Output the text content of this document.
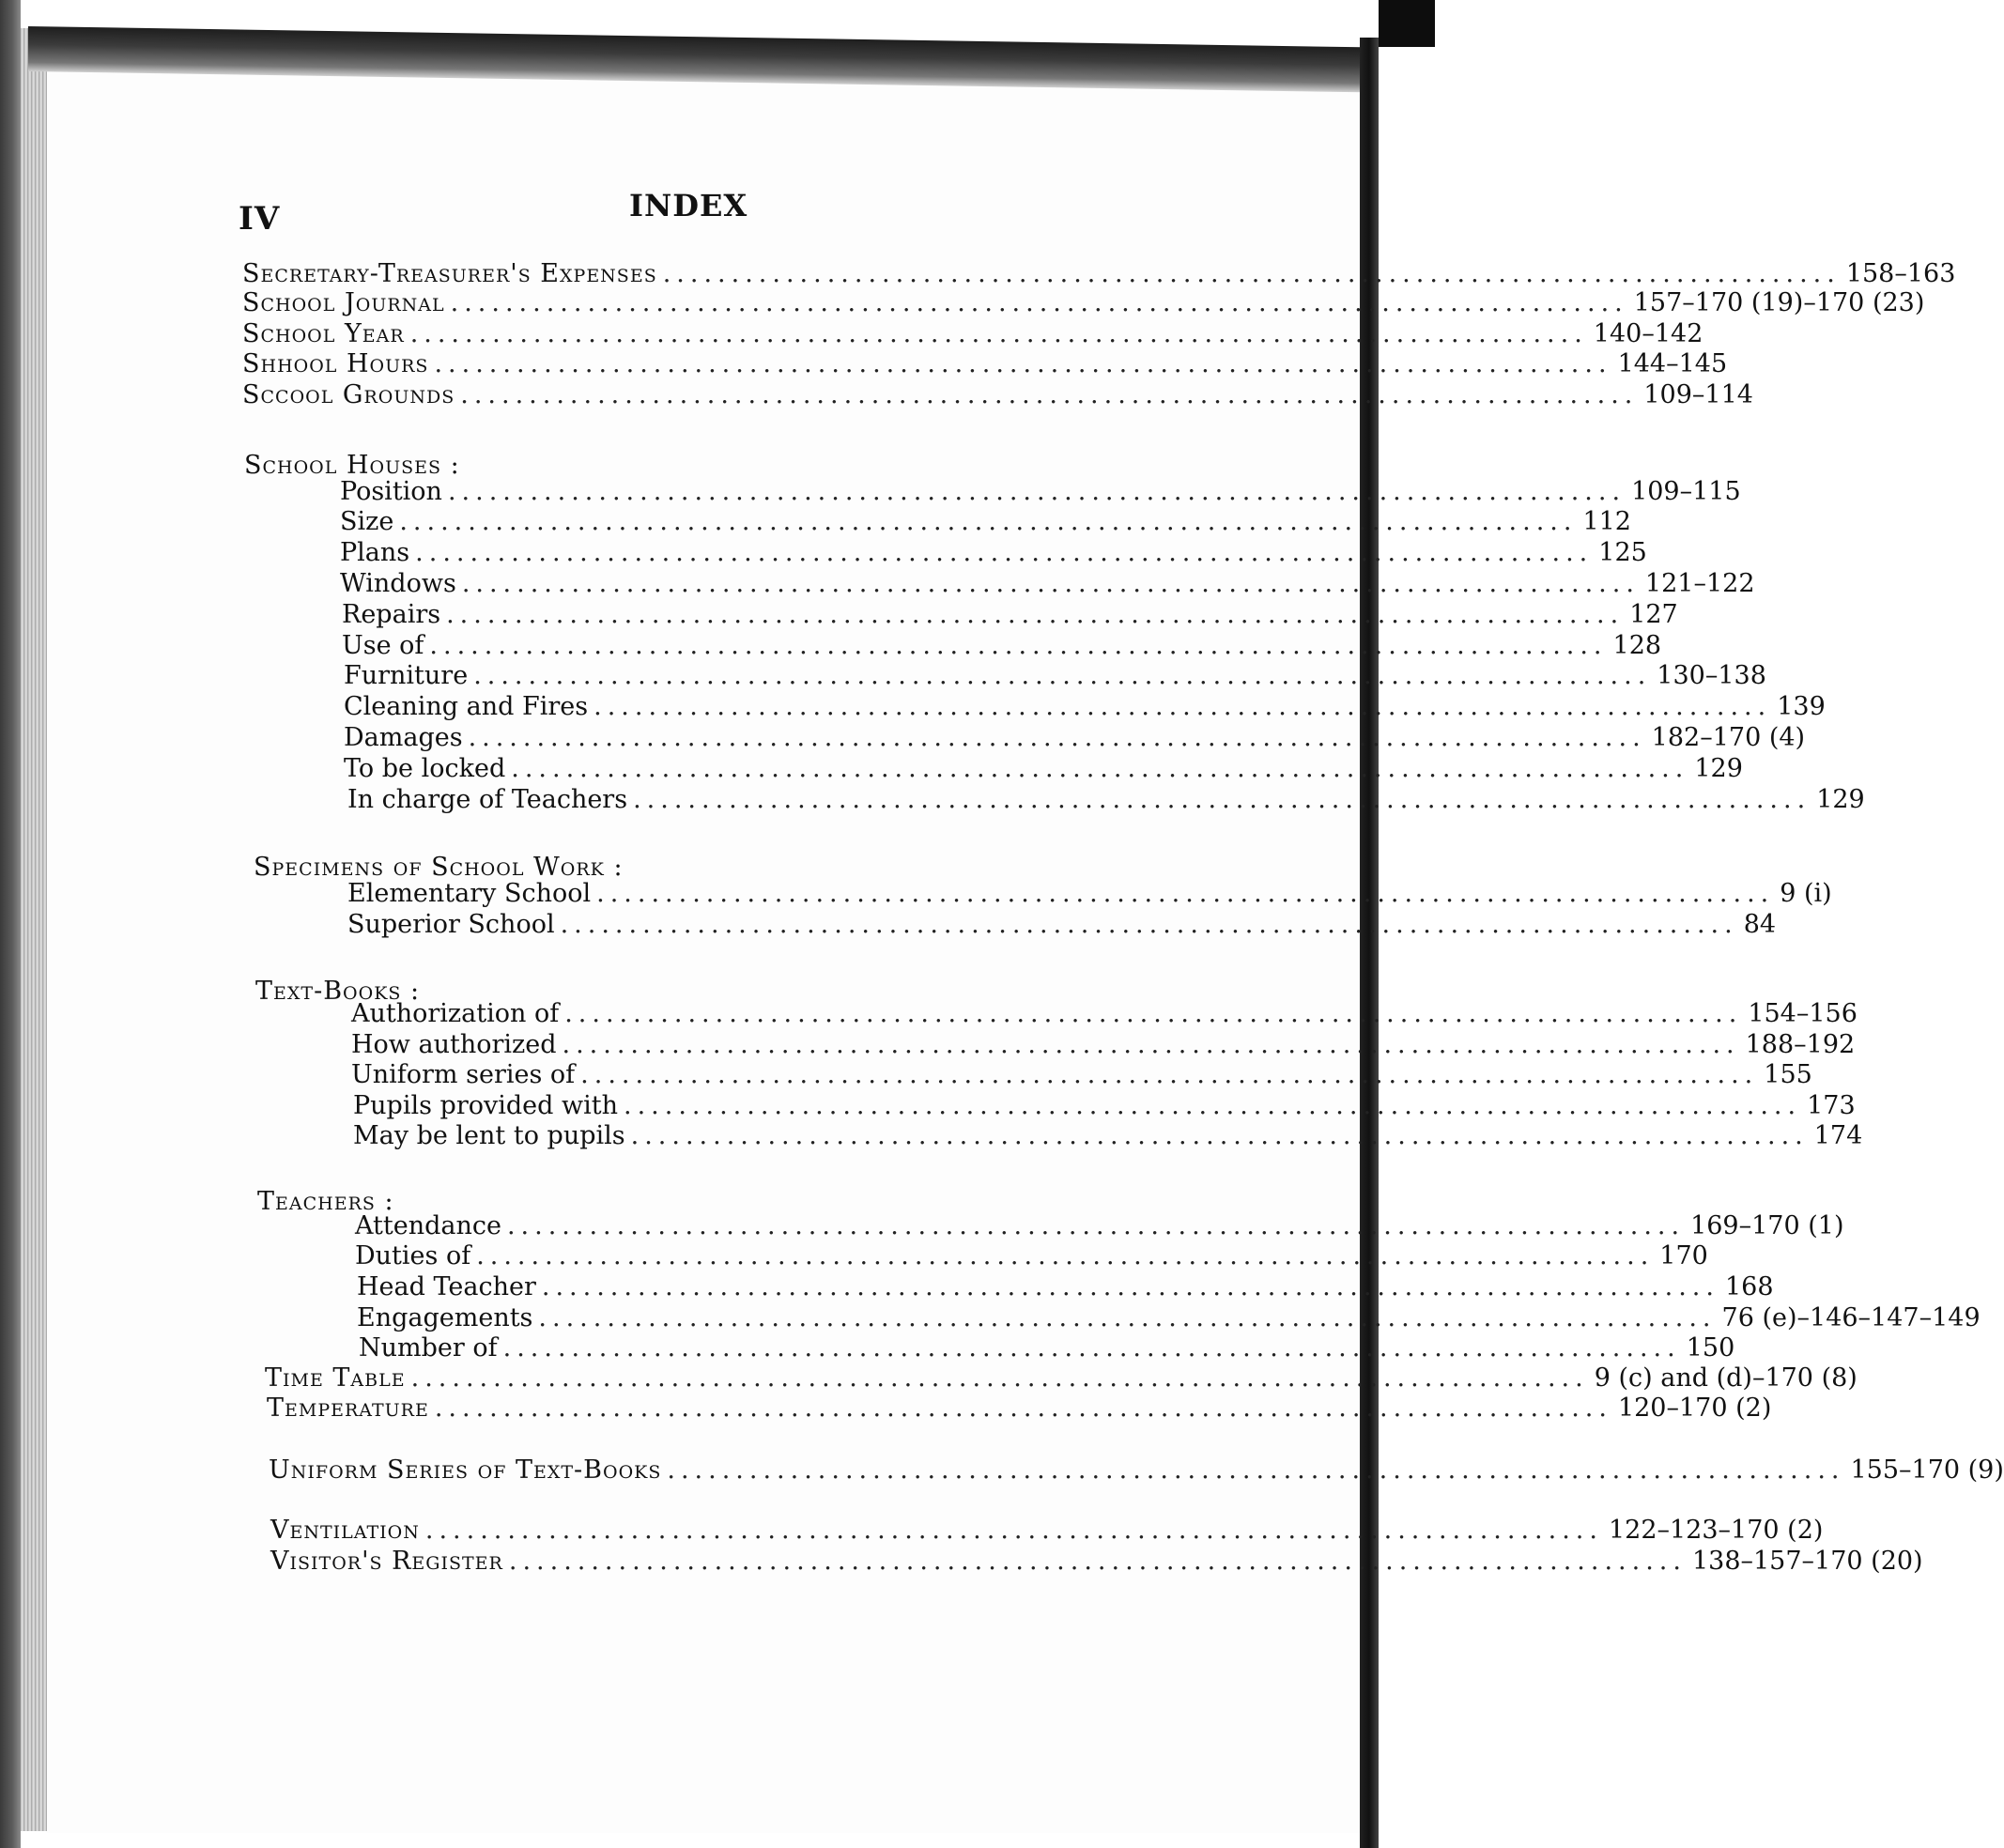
IV	INDEX
Secretary-Treasurer's Expenses ...................................................................................... 158–163
School Journal ...................................................................................... 157–170 (19)–170 (23)
School Year ...................................................................................... 140–142
Shhool Hours ...................................................................................... 144–145
Sccool Grounds ...................................................................................... 109–114
School Houses :
Position ...................................................................................... 109–115
Size ...................................................................................... 112
Plans ...................................................................................... 125
Windows ...................................................................................... 121–122
Repairs ...................................................................................... 127
Use of ...................................................................................... 128
Furniture ...................................................................................... 130–138
Cleaning and Fires ...................................................................................... 139
Damages ...................................................................................... 182–170 (4)
To be locked ...................................................................................... 129
In charge of Teachers ...................................................................................... 129
Specimens of School Work :
Elementary School ...................................................................................... 9 (i)
Superior School ...................................................................................... 84
Text-Books :
Authorization of ...................................................................................... 154–156
How authorized ...................................................................................... 188–192
Uniform series of ...................................................................................... 155
Pupils provided with ...................................................................................... 173
May be lent to pupils ...................................................................................... 174
Teachers :
Attendance ...................................................................................... 169–170 (1)
Duties of ...................................................................................... 170
Head Teacher ...................................................................................... 168
Engagements ...................................................................................... 76 (e)–146–147–149
Number of ...................................................................................... 150
Time Table ...................................................................................... 9 (c) and (d)–170 (8)
Temperature ...................................................................................... 120–170 (2)
Uniform Series of Text-Books ...................................................................................... 155–170 (9)
Ventilation ...................................................................................... 122–123–170 (2)
Visitor's Register ...................................................................................... 138–157–170 (20)
